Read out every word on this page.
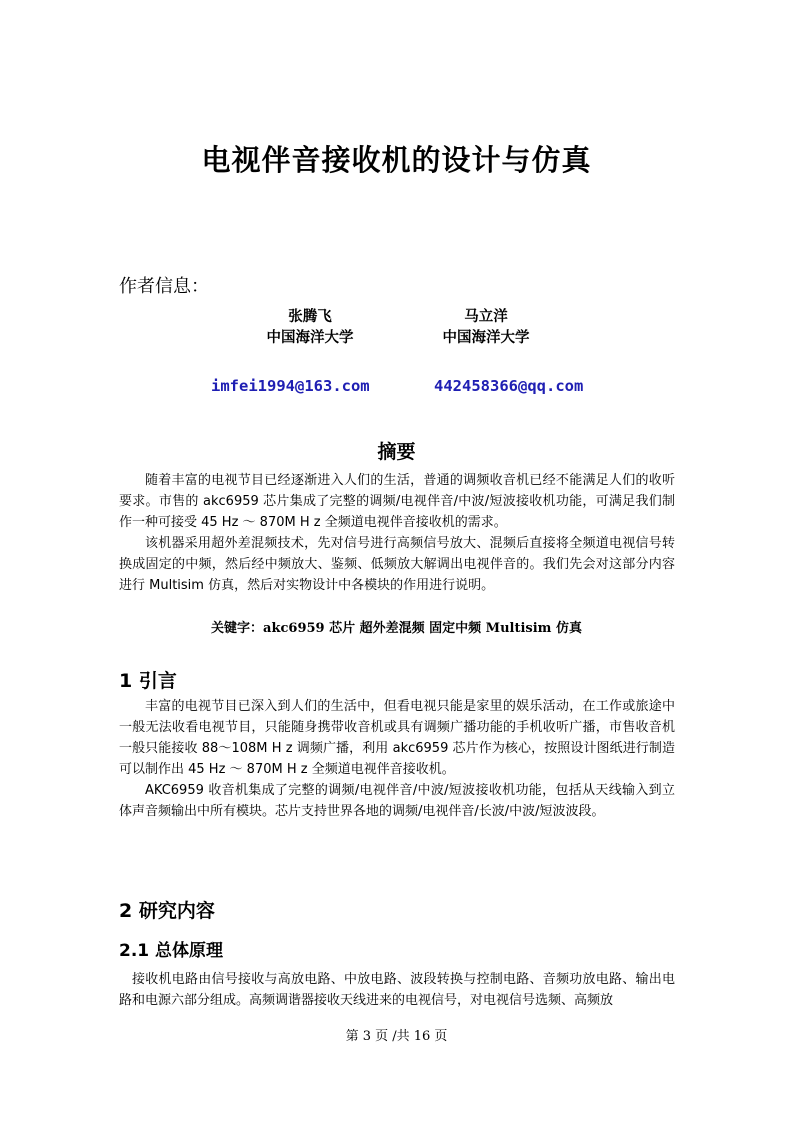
电视伴音接收机的设计与仿真
作者信息：
张腾飞
中国海洋大学
马立洋
中国海洋大学
imfei1994@163.com	442458366@qq.com
摘要
随着丰富的电视节目已经逐渐进入人们的生活，普通的调频收音机已经不能满足人们的收听要求。市售的 akc6959 芯片集成了完整的调频/电视伴音/中波/短波接收机功能，可满足我们制作一种可接受 45 Hz ～ 870M H z 全频道电视伴音接收机的需求。
该机器采用超外差混频技术，先对信号进行高频信号放大、混频后直接将全频道电视信号转换成固定的中频，然后经中频放大、鉴频、低频放大解调出电视伴音的。我们先会对这部分内容进行 Multisim 仿真，然后对实物设计中各模块的作用进行说明。
关键字：akc6959 芯片 超外差混频 固定中频 Multisim 仿真
1 引言
丰富的电视节目已深入到人们的生活中，但看电视只能是家里的娱乐活动，在工作或旅途中一般无法收看电视节目，只能随身携带收音机或具有调频广播功能的手机收听广播，市售收音机一般只能接收 88～108M H z 调频广播，利用 akc6959 芯片作为核心，按照设计图纸进行制造可以制作出 45 Hz ～ 870M H z 全频道电视伴音接收机。
AKC6959 收音机集成了完整的调频/电视伴音/中波/短波接收机功能，包括从天线输入到立体声音频输出中所有模块。芯片支持世界各地的调频/电视伴音/长波/中波/短波波段。
2 研究内容
2.1 总体原理
接收机电路由信号接收与高放电路、中放电路、波段转换与控制电路、音频功放电路、输出电路和电源六部分组成。高频调谐器接收天线进来的电视信号，对电视信号选频、高频放
第 3 页 /共 16 页
